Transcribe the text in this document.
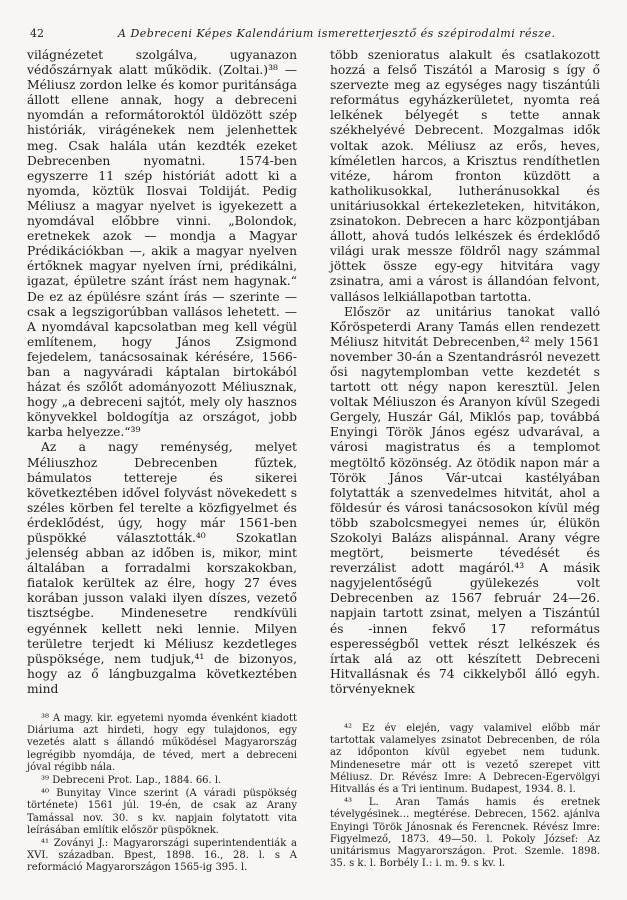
42	A Debreceni Képes Kalendárium ismeretterjesztő és szépirodalmi része.

világnézetet szolgálva, ugyanazon védőszárnyak alatt működik. (Zoltai.)³⁸ — Méliusz zordon lelke és komor puritánsága állott ellene annak, hogy a debreceni nyomdán a reformátoroktól üldözött szép históriák, virágénekek nem jelenhettek meg. Csak halála után kezdték ezeket Debrecenben nyomatni. 1574-ben egyszerre 11 szép históriát adott ki a nyomda, köztük Ilosvai Toldiját. Pedig Méliusz a magyar nyelvet is igyekezett a nyomdával előbbre vinni. „Bolondok, eretnekek azok — mondja a Magyar Prédikációkban —, akik a magyar nyelven értőknek magyar nyelven írni, prédikálni, igazat, épületre szánt írást nem hagynak.“ De ez az épülésre szánt írás — szerinte — csak a legszigorúbban vallásos lehetett. — A nyomdával kapcsolatban meg kell végül említenem, hogy János Zsigmond fejedelem, tanácsosainak kérésére, 1566-ban a nagyváradi káptalan birtokából házat és szőlőt adományozott Méliusznak, hogy „a debreceni sajtót, mely oly hasznos könyvekkel boldogítja az országot, jobb karba helyezze.“³⁹

Az a nagy reménység, melyet Méliuszhoz Debrecenben fűztek, bámulatos tettereje és sikerei következtében idővel folyvást növekedett s széles körben fel terelte a közfigyelmet és érdeklődést, úgy, hogy már 1561-ben püspökké választották.⁴⁰ Szokatlan jelenség abban az időben is, mikor, mint általában a forradalmi korszakokban, fiatalok kerültek az élre, hogy 27 éves korában jusson valaki ilyen díszes, vezető tisztségbe. Mindenesetre rendkívüli egyénnek kellett neki lennie. Milyen területre terjedt ki Méliusz kezdetleges püspöksége, nem tudjuk,⁴¹ de bizonyos, hogy az ő lángbuzgalma következtében mind

³⁸ A magy. kir. egyetemi nyomda évenként kiadott Diáriuma azt hirdeti, hogy egy tulajdonos, egy vezetés alatt s állandó működésel Magyarország legrégibb nyomdája, de téved, mert a debreceni jóval régibb nála.

³⁹ Debreceni Prot. Lap., 1884. 66. l.

⁴⁰ Bunyitay Vince szerint (A váradi püspökség története) 1561 júl. 19-én, de csak az Arany Tamással nov. 30. s kv. napjain folytatott vita leírásában említik először püspöknek.

⁴¹ Zoványi J.: Magyarországi superintendentiák a XVI. században. Bpest, 1898. 16., 28. l. s A reformáció Magyarországon 1565-ig 395. l.

több szenioratus alakult és csatlakozott hozzá a felső Tiszától a Marosig s így ő szervezte meg az egységes nagy tiszántúli református egyházkerületet, nyomta reá lelkének bélyegét s tette annak székhelyévé Debrecent. Mozgalmas idők voltak azok. Méliusz az erős, heves, kíméletlen harcos, a Krisztus rendíthetlen vitéze, három fronton küzdött a katholikusokkal, lutheránusokkal és unitáriusokkal értekezleteken, hitvitákon, zsinatokon. Debrecen a harc központjában állott, ahová tudós lelkészek és érdeklődő világi urak messze földről nagy számmal jöttek össze egy-egy hitvitára vagy zsinatra, ami a várost is állandóan felvont, vallásos lelkiállapotban tartotta.

Először az unitárius tanokat valló Kőröspeterdi Arany Tamás ellen rendezett Méliusz hitvitát Debrecenben,⁴² mely 1561 november 30-án a Szentandrásról nevezett ősi nagytemplomban vette kezdetét s tartott ott négy napon keresztül. Jelen voltak Méliuszon és Aranyon kívül Szegedi Gergely, Huszár Gál, Miklós pap, továbbá Enyingi Török János egész udvarával, a városi magistratus és a templomot megtöltő közönség. Az ötödik napon már a Török János Vár-utcai kastélyában folytatták a szenvedelmes hitvitát, ahol a földesúr és városi tanácsosokon kívül még több szabolcsmegyei nemes úr, élükön Szokolyi Balázs alispánnal. Arany végre megtört, beismerte tévedését és reverzálist adott magáról.⁴³ A másik nagyjelentőségű gyülekezés volt Debrecenben az 1567 február 24—26. napjain tartott zsinat, melyen a Tiszántúl és -innen fekvő 17 református esperességből vettek részt lelkészek és írtak alá az ott készített Debreceni Hitvallásnak és 74 cikkelyből álló egyh. törvényeknek

⁴² Ez év elején, vagy valamivel előbb már tartottak valamelyes zsinatot Debrecenben, de róla az időponton kívül egyebet nem tudunk. Mindenesetre már ott is vezető szerepet vitt Méliusz. Dr. Révész Imre: A Debrecen-Egervölgyi Hitvallás és a Tri ientinum. Budapest, 1934. 8. l.

⁴³ L. Aran Tamás hamis és eretnek tévelygésinek… megtérése. Debrecen, 1562. ajánlva Enyingi Török Jánosnak és Ferencnek. Révész Imre: Figyelmező, 1873. 49—50. l. Pokoly József: Az unitárismus Magyarországon. Prot. Szemle. 1898. 35. s k. l. Borbély I.: i. m. 9. s kv. l.
